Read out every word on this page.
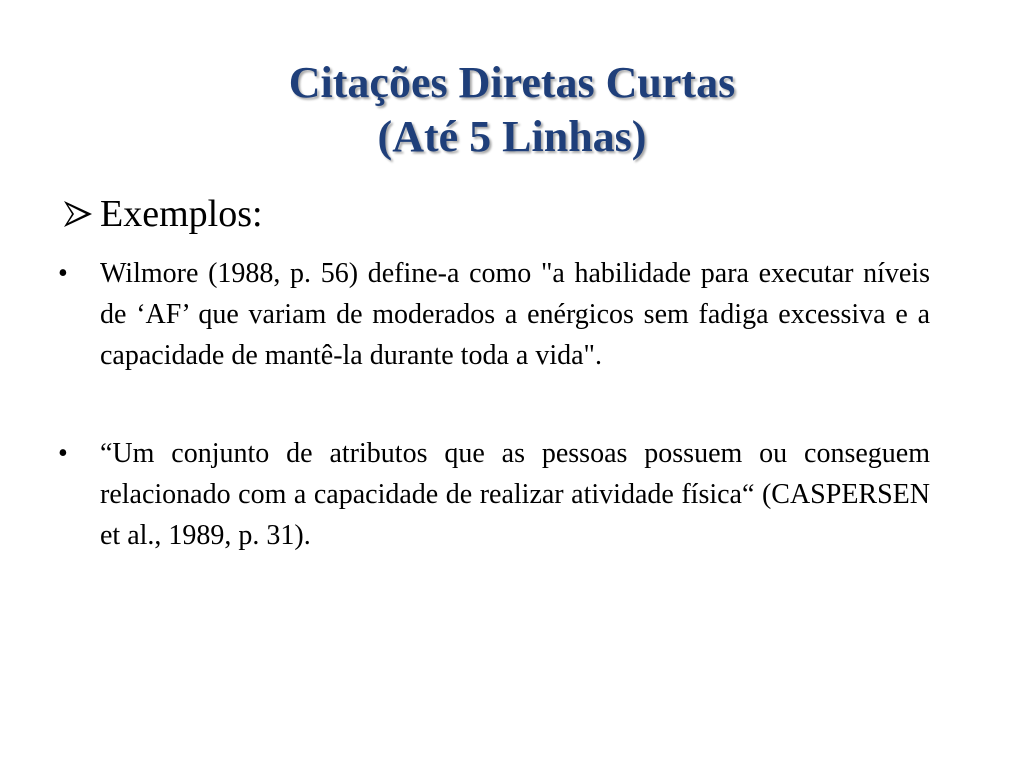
Citações Diretas Curtas
(Até 5 Linhas)
Exemplos:
•	Wilmore (1988, p. 56) define-a como "a habilidade para executar níveis de ‘AF’ que variam de moderados a enérgicos sem fadiga excessiva e a capacidade de mantê-la durante toda a vida".
•	“Um conjunto de atributos que as pessoas possuem ou conseguem relacionado com a capacidade de realizar atividade física“ (CASPERSEN et al., 1989, p. 31).
